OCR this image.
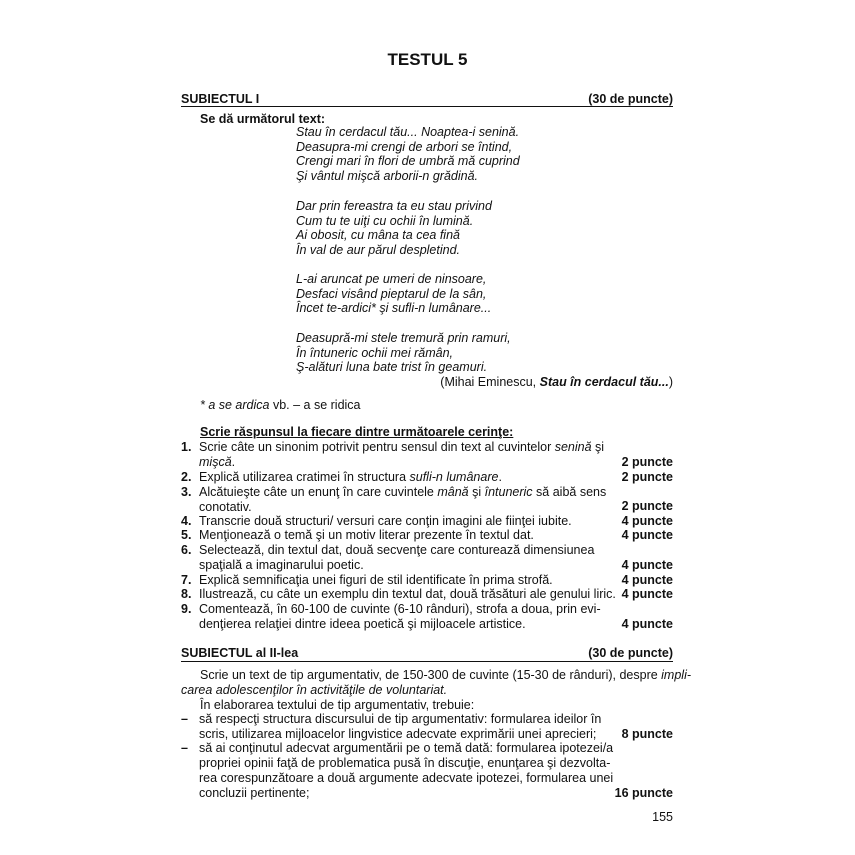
TESTUL 5
SUBIECTUL I	(30 de puncte)
Se dă următorul text:
Stau în cerdacul tău... Noaptea-i senină.
Deasupra-mi crengi de arbori se întind,
Crengi mari în flori de umbră mă cuprind
Şi vântul mişcă arborii-n grădină.
Dar prin fereastra ta eu stau privind
Cum tu te uiţi cu ochii în lumină.
Ai obosit, cu mâna ta cea fină
În val de aur părul despletind.
L-ai aruncat pe umeri de ninsoare,
Desfaci visând pieptarul de la sân,
Încet te-ardici* şi sufli-n lumânare...
Deasupră-mi stele tremură prin ramuri,
În întuneric ochii mei rămân,
Ş-alături luna bate trist în geamuri.
(Mihai Eminescu, Stau în cerdacul tău...)
* a se ardica vb. – a se ridica
Scrie răspunsul la fiecare dintre următoarele cerinţe:
1. Scrie câte un sinonim potrivit pentru sensul din text al cuvintelor senină şi
mişcă.	2 puncte
2. Explică utilizarea cratimei în structura sufli-n lumânare.	2 puncte
3. Alcătuieşte câte un enunţ în care cuvintele mână şi întuneric să aibă sens
conotativ.	2 puncte
4. Transcrie două structuri/ versuri care conţin imagini ale fiinţei iubite.	4 puncte
5. Menţionează o temă şi un motiv literar prezente în textul dat.	4 puncte
6. Selectează, din textul dat, două secvenţe care conturează dimensiunea
spaţială a imaginarului poetic.	4 puncte
7. Explică semnificaţia unei figuri de stil identificate în prima strofă.	4 puncte
8. Ilustrează, cu câte un exemplu din textul dat, două trăsături ale genului liric. 4 puncte
9. Comentează, în 60-100 de cuvinte (6-10 rânduri), strofa a doua, prin evi-
denţierea relaţiei dintre ideea poetică şi mijloacele artistice.	4 puncte
SUBIECTUL al II-lea	(30 de puncte)
Scrie un text de tip argumentativ, de 150-300 de cuvinte (15-30 de rânduri), despre impli-
carea adolescenţilor în activităţile de voluntariat.
În elaborarea textului de tip argumentativ, trebuie:
– să respecţi structura discursului de tip argumentativ: formularea ideilor în
scris, utilizarea mijloacelor lingvistice adecvate exprimării unei aprecieri;	8 puncte
– să ai conţinutul adecvat argumentării pe o temă dată: formularea ipotezei/a
propriei opinii faţă de problematica pusă în discuţie, enunţarea şi dezvolta-
rea corespunzătoare a două argumente adecvate ipotezei, formularea unei
concluzii pertinente;	16 puncte
155
